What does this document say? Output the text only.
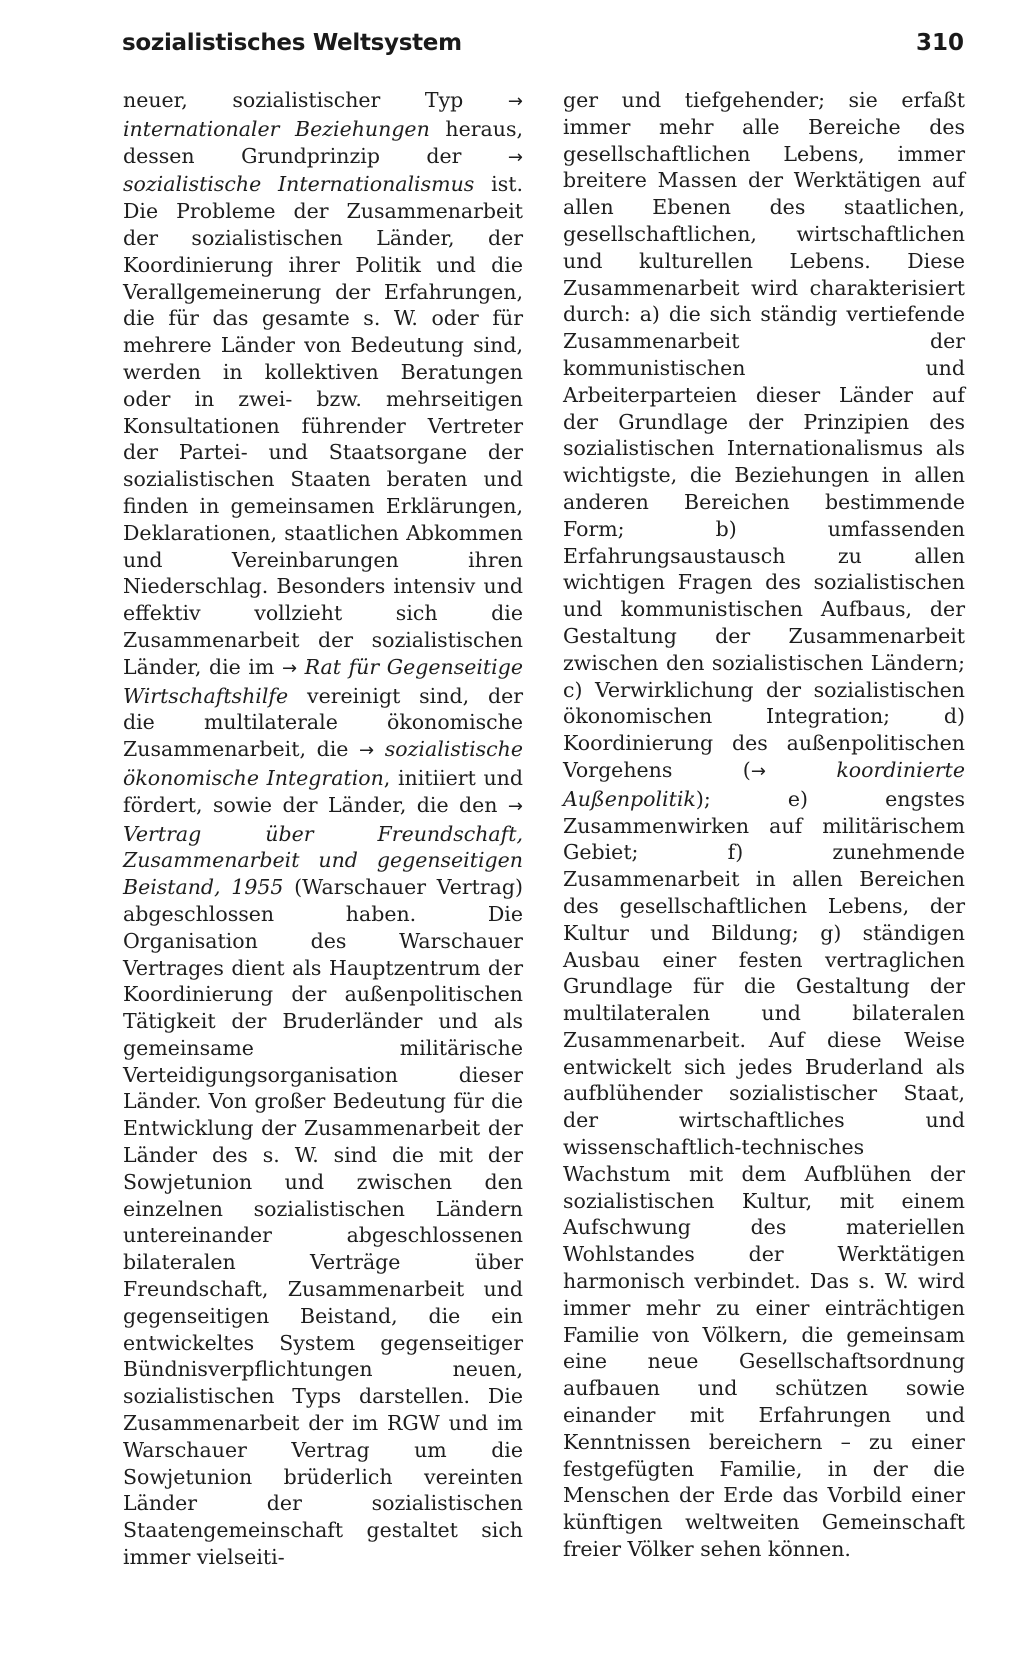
sozialistisches Weltsystem	310

neuer, sozialistischer Typ → internationaler Beziehungen heraus, dessen Grundprinzip der → sozialistische Internationalismus ist. Die Probleme der Zusammenarbeit der sozialistischen Länder, der Koordinierung ihrer Politik und die Verallgemeinerung der Erfahrungen, die für das gesamte s. W. oder für mehrere Länder von Bedeutung sind, werden in kollektiven Beratungen oder in zwei- bzw. mehrseitigen Konsultationen führender Vertreter der Partei- und Staatsorgane der sozialistischen Staaten beraten und finden in gemeinsamen Erklärungen, Deklarationen, staatlichen Abkommen und Vereinbarungen ihren Niederschlag. Besonders intensiv und effektiv vollzieht sich die Zusammenarbeit der sozialistischen Länder, die im → Rat für Gegenseitige Wirtschaftshilfe vereinigt sind, der die multilaterale ökonomische Zusammenarbeit, die → sozialistische ökonomische Integration, initiiert und fördert, sowie der Länder, die den → Vertrag über Freundschaft, Zusammenarbeit und gegenseitigen Beistand, 1955 (Warschauer Vertrag) abgeschlossen haben. Die Organisation des Warschauer Vertrages dient als Hauptzentrum der Koordinierung der außenpolitischen Tätigkeit der Bruderländer und als gemeinsame militärische Verteidigungsorganisation dieser Länder. Von großer Bedeutung für die Entwicklung der Zusammenarbeit der Länder des s. W. sind die mit der Sowjetunion und zwischen den einzelnen sozialistischen Ländern untereinander abgeschlossenen bilateralen Verträge über Freundschaft, Zusammenarbeit und gegenseitigen Beistand, die ein entwickeltes System gegenseitiger Bündnisverpflichtungen neuen, sozialistischen Typs darstellen. Die Zusammenarbeit der im RGW und im Warschauer Vertrag um die Sowjetunion brüderlich vereinten Länder der sozialistischen Staatengemeinschaft gestaltet sich immer vielseiti-

ger und tiefgehender; sie erfaßt immer mehr alle Bereiche des gesellschaftlichen Lebens, immer breitere Massen der Werktätigen auf allen Ebenen des staatlichen, gesellschaftlichen, wirtschaftlichen und kulturellen Lebens. Diese Zusammenarbeit wird charakterisiert durch: a) die sich ständig vertiefende Zusammenarbeit der kommunistischen und Arbeiterparteien dieser Länder auf der Grundlage der Prinzipien des sozialistischen Internationalismus als wichtigste, die Beziehungen in allen anderen Bereichen bestimmende Form; b) umfassenden Erfahrungsaustausch zu allen wichtigen Fragen des sozialistischen und kommunistischen Aufbaus, der Gestaltung der Zusammenarbeit zwischen den sozialistischen Ländern; c) Verwirklichung der sozialistischen ökonomischen Integration; d) Koordinierung des außenpolitischen Vorgehens (→	koordinierte Außenpolitik); e) engstes Zusammenwirken auf militärischem Gebiet; f) zunehmende Zusammenarbeit in allen Bereichen des gesellschaftlichen Lebens, der Kultur und Bildung; g) ständigen Ausbau einer festen vertraglichen Grundlage für die Gestaltung der multilateralen und bilateralen Zusammenarbeit. Auf diese Weise entwickelt sich jedes Bruderland als aufblühender sozialistischer Staat, der wirtschaftliches und wissenschaftlich-technisches Wachstum mit dem Aufblühen der sozialistischen Kultur, mit einem Aufschwung des materiellen Wohlstandes der Werktätigen harmonisch verbindet. Das s. W. wird immer mehr zu einer einträchtigen Familie von Völkern, die gemeinsam eine neue Gesellschaftsordnung aufbauen und schützen sowie einander mit Erfahrungen und Kenntnissen bereichern – zu einer festgefügten Familie, in der die Menschen der Erde das Vorbild einer künftigen weltweiten Gemeinschaft freier Völker sehen können.
